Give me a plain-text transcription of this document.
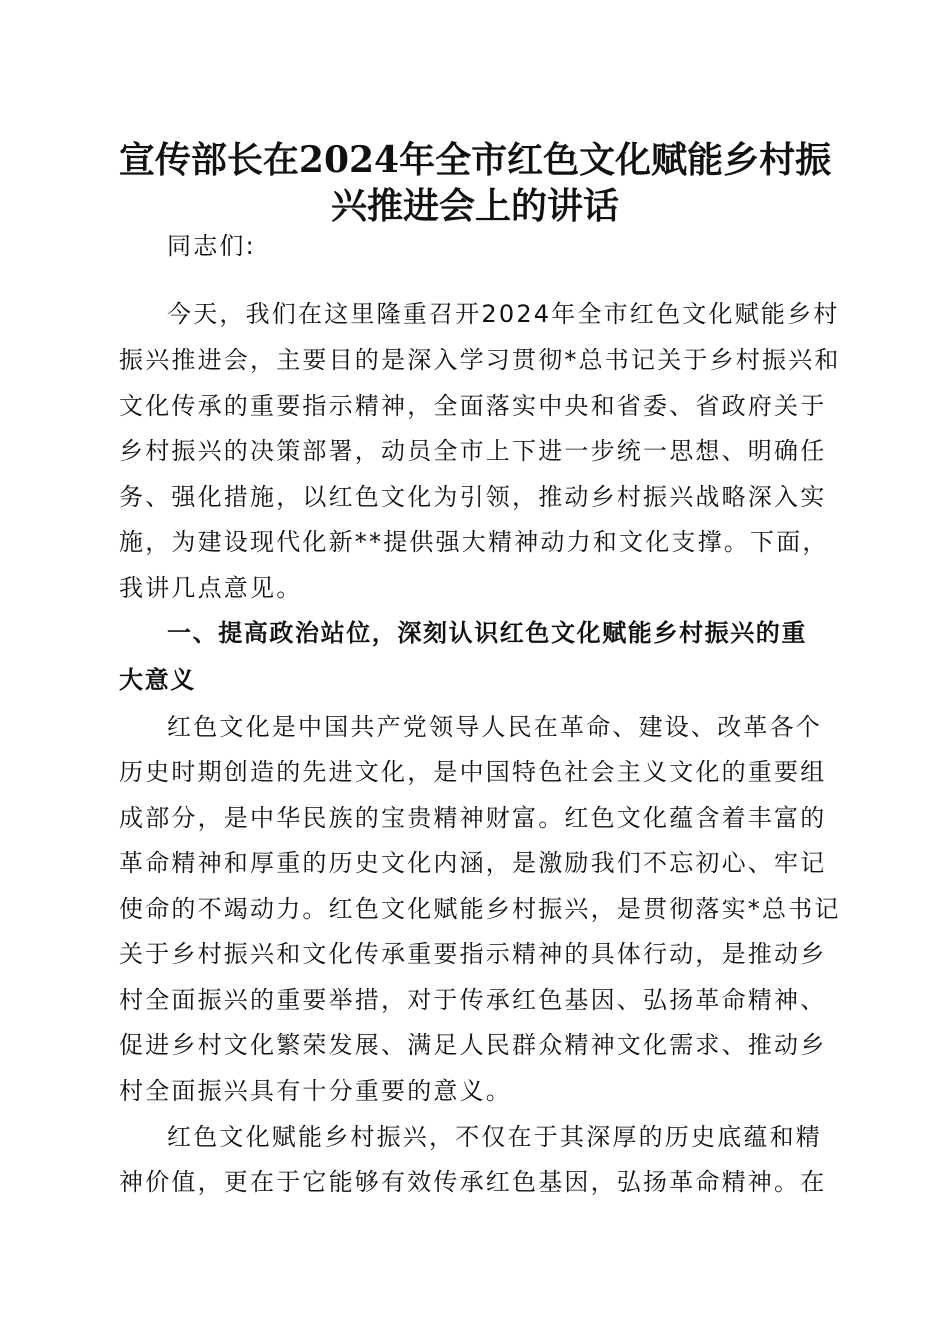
宣传部长在2024年全市红色文化赋能乡村振
兴推进会上的讲话
同志们:
今天，我们在这里隆重召开2024年全市红色文化赋能乡村
振兴推进会，主要目的是深入学习贯彻*总书记关于乡村振兴和
文化传承的重要指示精神，全面落实中央和省委、省政府关于
乡村振兴的决策部署，动员全市上下进一步统一思想、明确任
务、强化措施，以红色文化为引领，推动乡村振兴战略深入实
施，为建设现代化新**提供强大精神动力和文化支撑。下面，
我讲几点意见。
一、提高政治站位，深刻认识红色文化赋能乡村振兴的重
大意义
红色文化是中国共产党领导人民在革命、建设、改革各个
历史时期创造的先进文化，是中国特色社会主义文化的重要组
成部分，是中华民族的宝贵精神财富。红色文化蕴含着丰富的
革命精神和厚重的历史文化内涵，是激励我们不忘初心、牢记
使命的不竭动力。红色文化赋能乡村振兴，是贯彻落实*总书记
关于乡村振兴和文化传承重要指示精神的具体行动，是推动乡
村全面振兴的重要举措，对于传承红色基因、弘扬革命精神、
促进乡村文化繁荣发展、满足人民群众精神文化需求、推动乡
村全面振兴具有十分重要的意义。
红色文化赋能乡村振兴，不仅在于其深厚的历史底蕴和精
神价值，更在于它能够有效传承红色基因，弘扬革命精神。在
